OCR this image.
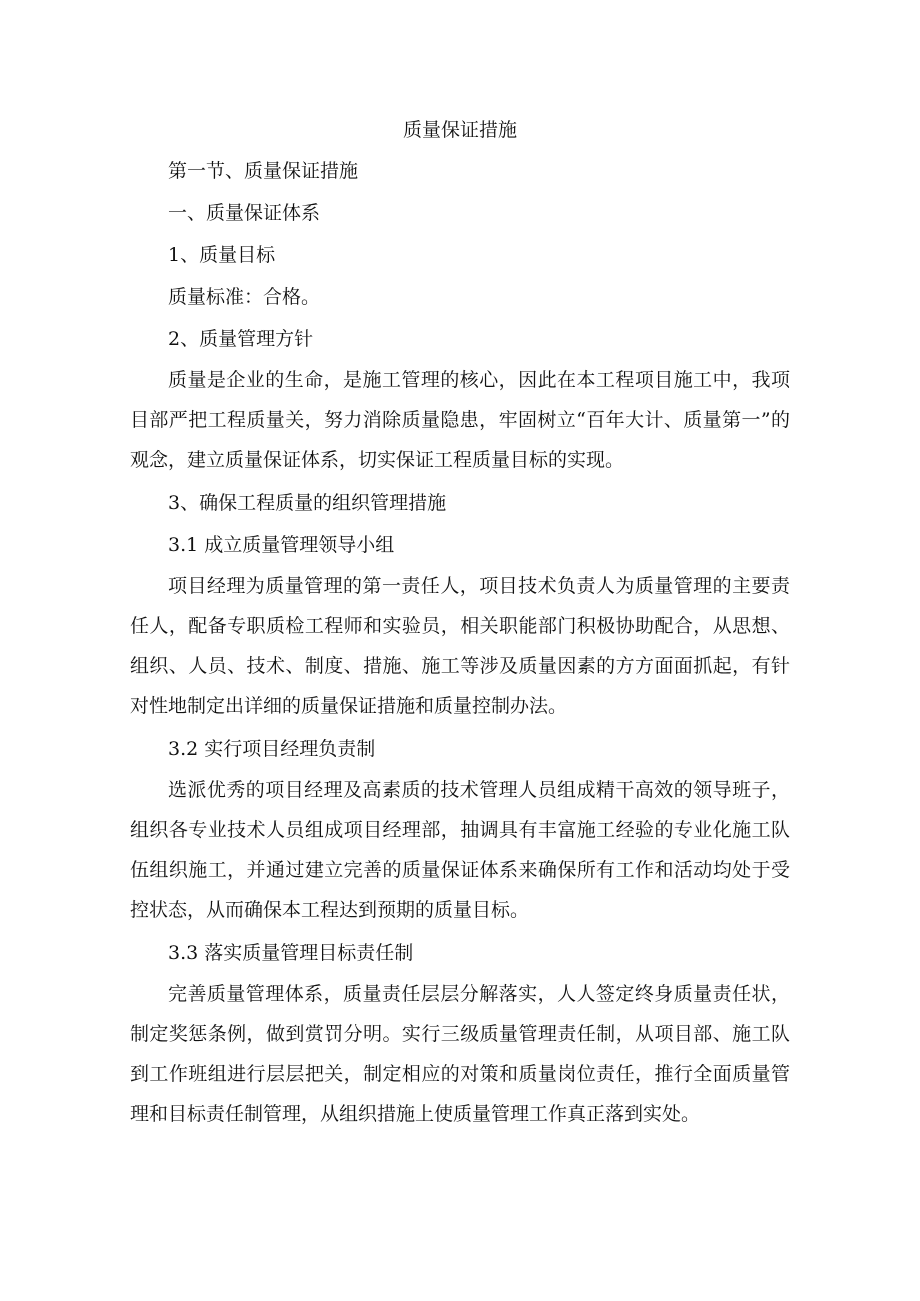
质量保证措施

第一节、质量保证措施

一、质量保证体系

1、质量目标

质量标准：合格。

2、质量管理方针

质量是企业的生命，是施工管理的核心，因此在本工程项目施工中，我项目部严把工程质量关，努力消除质量隐患，牢固树立“百年大计、质量第一”的观念，建立质量保证体系，切实保证工程质量目标的实现。

3、确保工程质量的组织管理措施

3.1 成立质量管理领导小组

项目经理为质量管理的第一责任人，项目技术负责人为质量管理的主要责任人，配备专职质检工程师和实验员，相关职能部门积极协助配合，从思想、组织、人员、技术、制度、措施、施工等涉及质量因素的方方面面抓起，有针对性地制定出详细的质量保证措施和质量控制办法。

3.2 实行项目经理负责制

选派优秀的项目经理及高素质的技术管理人员组成精干高效的领导班子，组织各专业技术人员组成项目经理部，抽调具有丰富施工经验的专业化施工队伍组织施工，并通过建立完善的质量保证体系来确保所有工作和活动均处于受控状态，从而确保本工程达到预期的质量目标。

3.3 落实质量管理目标责任制

完善质量管理体系，质量责任层层分解落实，人人签定终身质量责任状，制定奖惩条例，做到赏罚分明。实行三级质量管理责任制，从项目部、施工队到工作班组进行层层把关，制定相应的对策和质量岗位责任，推行全面质量管理和目标责任制管理，从组织措施上使质量管理工作真正落到实处。
